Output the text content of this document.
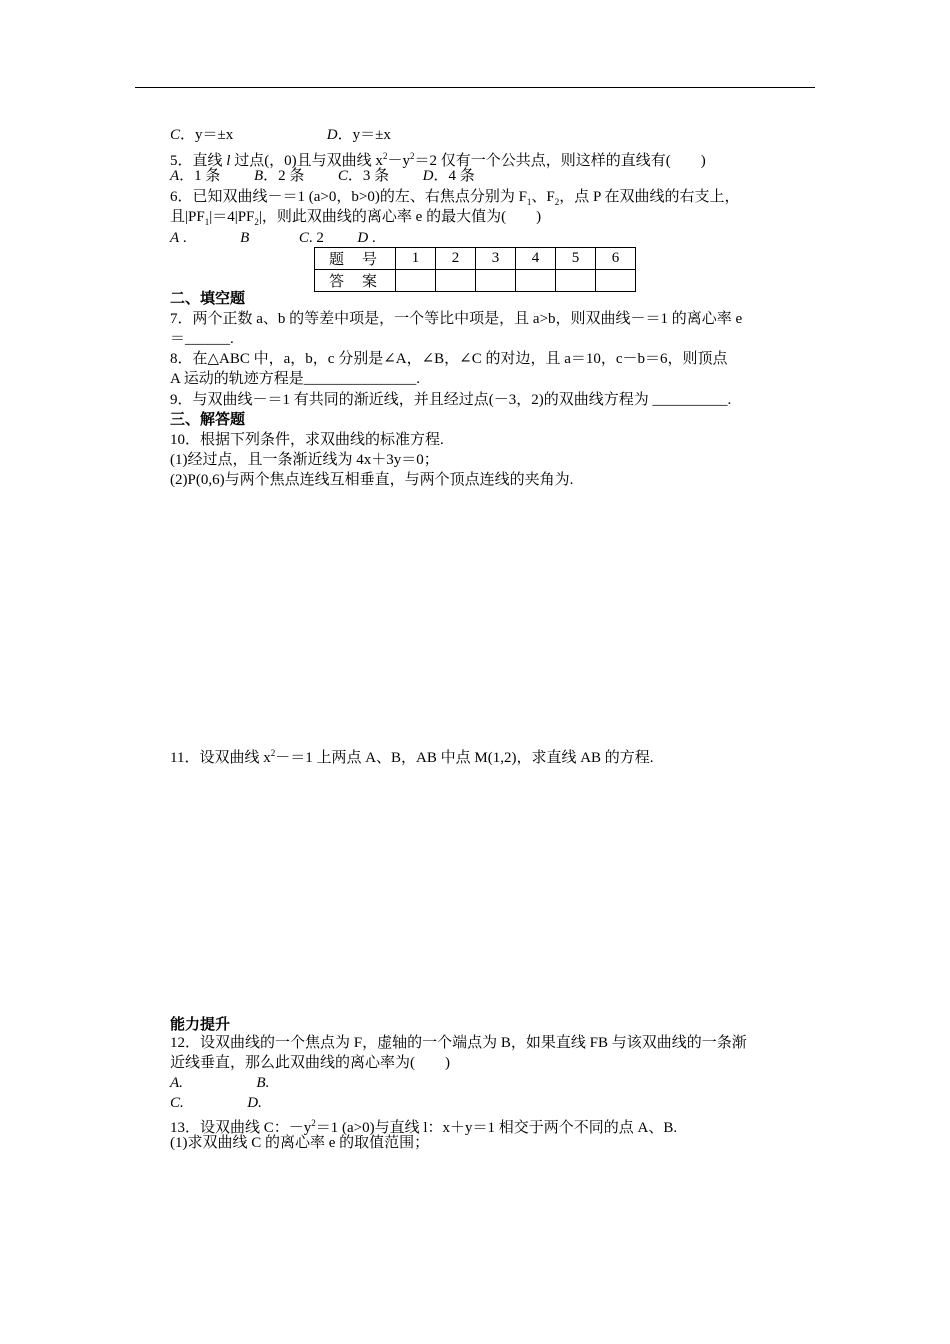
C．y＝±x	D．y＝±x
5．直线 l 过点(，0)且与双曲线 $x^2-y^2=2$ 仅有一个公共点，则这样的直线有(　　)
A．1 条 B．2 条 C．3 条 D．4 条
6．已知双曲线－＝1 (a>0，b>0)的左、右焦点分别为 $F_1$、$F_2$，点 P 在双曲线的右支上，
且$|PF_1|=4|PF_2|$，则此双曲线的离心率 e 的最大值为(　　)
A .	B	C. 2 D .
题号	1	2	3	4	5	6
答案						
二、填空题
7．两个正数 a、b 的等差中项是，一个等比中项是，且 a>b，则双曲线－＝1 的离心率 e
＝______.
8．在△ABC 中，a，b，c 分别是∠A，∠B，∠C 的对边，且 a＝10，c－b＝6，则顶点
A 运动的轨迹方程是_______________.
9．与双曲线－＝1 有共同的渐近线，并且经过点(－3，2)的双曲线方程为 __________.
三、解答题
10．根据下列条件，求双曲线的标准方程.
(1)经过点，且一条渐近线为 4x＋3y＝0；
(2)P(0,6)与两个焦点连线互相垂直，与两个顶点连线的夹角为.
11．设双曲线 $x^2-=1$ 上两点 A、B，AB 中点 M(1,2)，求直线 AB 的方程.
能力提升
12．设双曲线的一个焦点为 F，虚轴的一个端点为 B，如果直线 FB 与该双曲线的一条渐
近线垂直，那么此双曲线的离心率为(　　)
A.	B.
C.	D.
13．设双曲线 C：$-y^2=1$ (a>0)与直线 l：x＋y＝1 相交于两个不同的点 A、B.
(1)求双曲线 C 的离心率 e 的取值范围；
